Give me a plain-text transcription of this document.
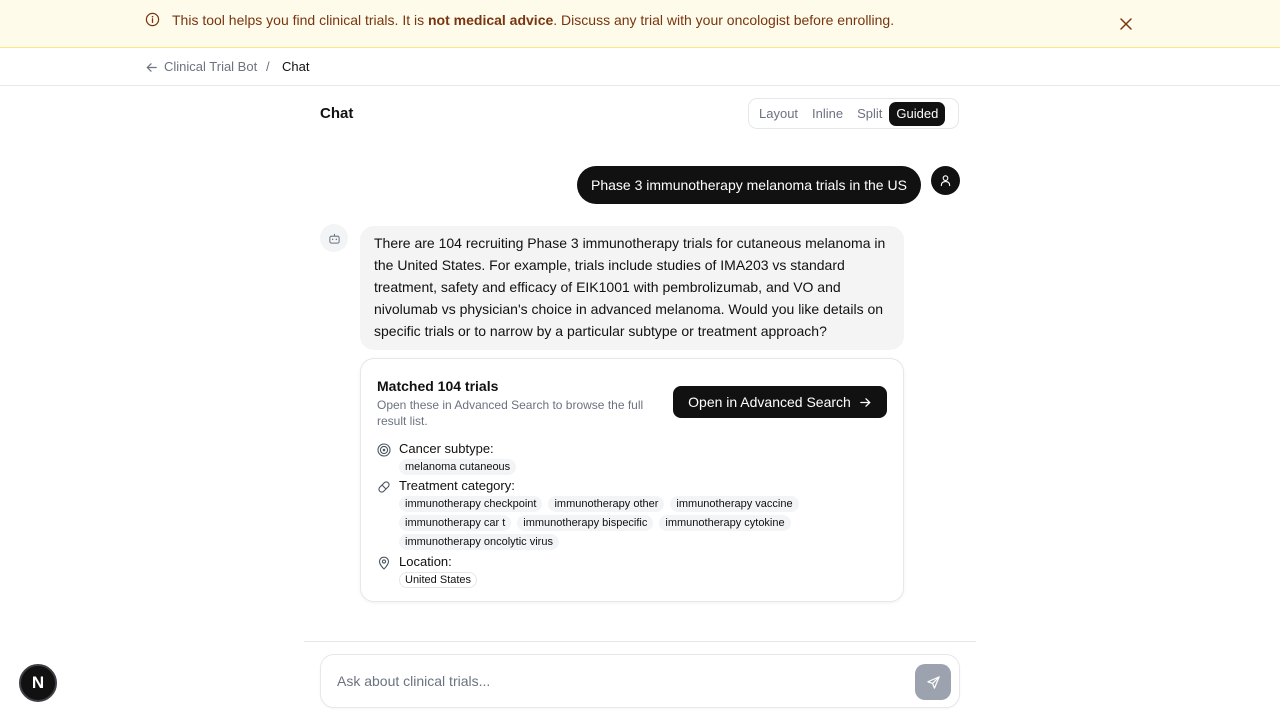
This tool helps you find clinical trials. It is not medical advice. Discuss any trial with your oncologist before enrolling.
Clinical Trial Bot / Chat
Chat	Layout	Inline	Split	Guided
Phase 3 immunotherapy melanoma trials in the US
There are 104 recruiting Phase 3 immunotherapy trials for cutaneous melanoma in the United States. For example, trials include studies of IMA203 vs standard treatment, safety and efficacy of EIK1001 with pembrolizumab, and VO and nivolumab vs physician's choice in advanced melanoma. Would you like details on specific trials or to narrow by a particular subtype or treatment approach?
Matched 104 trials
Open these in Advanced Search to browse the full result list.
Open in Advanced Search
Cancer subtype:
melanoma cutaneous
Treatment category:
immunotherapy checkpoint	immunotherapy other	immunotherapy vaccine
immunotherapy car t	immunotherapy bispecific	immunotherapy cytokine
immunotherapy oncolytic virus
Location:
United States
Ask about clinical trials...
N
